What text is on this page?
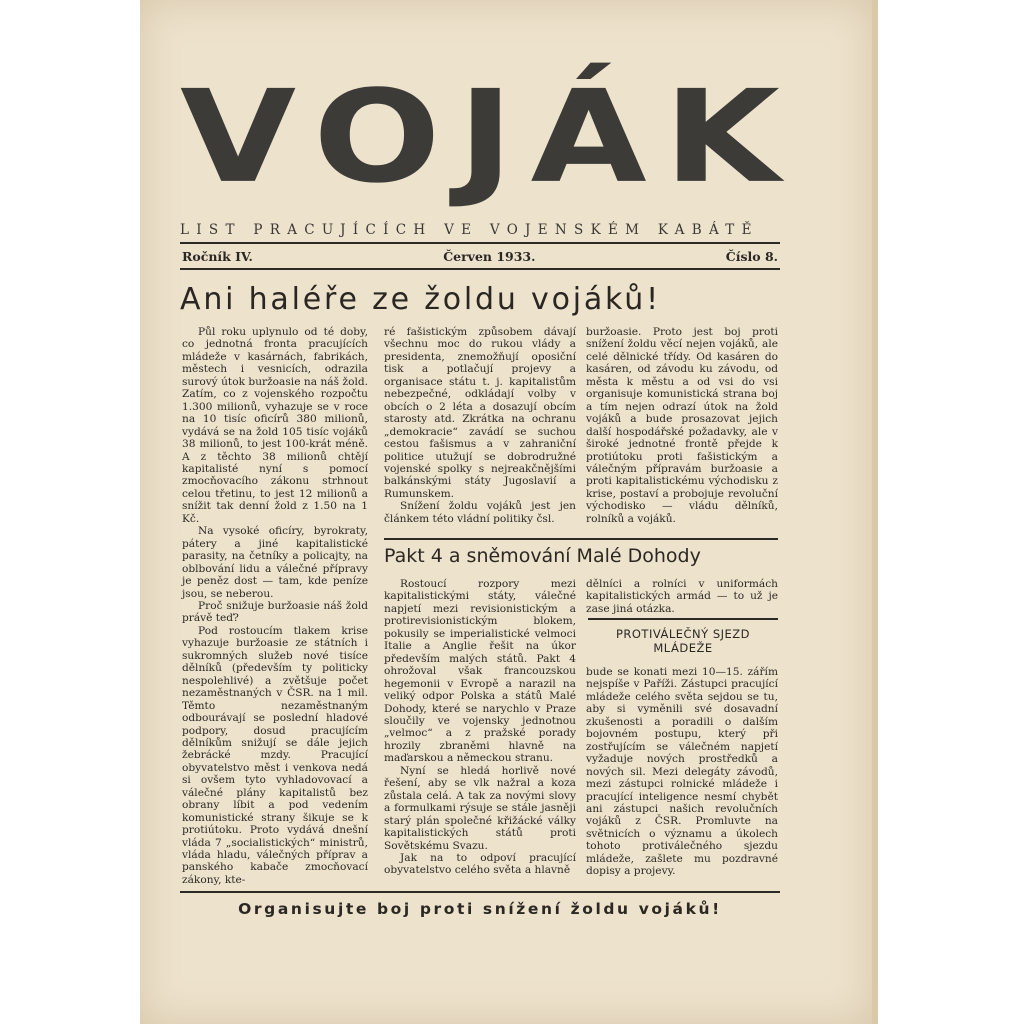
V O J Á K
LIST PRACUJÍCÍCH VE VOJENSKÉM KABÁTĚ
Ročník IV.	Červen 1933.	Číslo 8.
Ani haléře ze žoldu vojáků!

Půl roku uplynulo od té doby, co jednotná fronta pracujících mládeže v kasárnách, fabrikách, městech i vesnicích, odrazila surový útok buržoasie na náš žold. Zatím, co z vojenského rozpočtu 1.300 milionů, vyhazuje se v roce na 10 tisíc oficírů 380 milionů, vydává se na žold 105 tisíc vojáků 38 milionů, to jest 100-krát méně. A z těchto 38 milionů chtějí kapitalisté nyní s pomocí zmocňovacího zákonu strhnout celou třetinu, to jest 12 milionů a snížit tak denní žold z 1.50 na 1 Kč.

Na vysoké oficíry, byrokraty, pátery a jiné kapitalistické parasity, na četníky a policajty, na oblbování lidu a válečné přípravy je peněz dost — tam, kde peníze jsou, se neberou.

Proč snižuje buržoasie náš žold právě teď?

Pod rostoucím tlakem krise vyhazuje buržoasie ze státních i sukromných služeb nové tisíce dělníků (především ty politicky nespolehlivé) a zvětšuje počet nezaměstnaných v ČSR. na 1 mil. Těmto nezaměstnaným odbourávají se poslední hladové podpory, dosud pracujícím dělníkům snižují se dále jejich žebrácké mzdy. Pracující obyvatelstvo měst i venkova nedá si ovšem tyto vyhladovovací a válečné plány kapitalistů bez obrany líbit a pod vedením komunistické strany šikuje se k protiútoku. Proto vydává dnešní vláda 7 „socialistických“ ministrů, vláda hladu, válečných příprav a panského kabače zmocňovací zákony, kte-

ré fašistickým způsobem dávají všechnu moc do rukou vlády a presidenta, znemožňují oposiční tisk a potlačují projevy a organisace státu t. j. kapitalistům nebezpečné, odkládají volby v obcích o 2 léta a dosazují obcím starosty atd. Zkrátka na ochranu „demokracie“ zavádí se suchou cestou fašismus a v zahraniční politice utužují se dobrodružné vojenské spolky s nejreakčnějšími balkánskými státy Jugoslavií a Rumunskem.

Snížení žoldu vojáků jest jen článkem této vládní politiky čsl.

buržoasie. Proto jest boj proti snížení žoldu věcí nejen vojáků, ale celé dělnické třídy. Od kasáren do kasáren, od závodu ku závodu, od města k městu a od vsi do vsi organisuje komunistická strana boj a tím nejen odrazí útok na žold vojáků a bude prosazovat jejich další hospodářské požadavky, ale v široké jednotné frontě přejde k protiútoku proti fašistickým a válečným přípravám buržoasie a proti kapitalistickému východisku z krise, postaví a probojuje revoluční východisko — vládu dělníků, rolníků a vojáků.

Pakt 4 a sněmování Malé Dohody

Rostoucí rozpory mezi kapitalistickými státy, válečné napjetí mezi revisionistickým a protirevisionistickým blokem, pokusily se imperialistické velmoci Italie a Anglie řešit na úkor především malých států. Pakt 4 ohrožoval však francouzskou hegemonii v Evropě a narazil na veliký odpor Polska a států Malé Dohody, které se narychlo v Praze sloučily ve vojensky jednotnou „velmoc“ a z pražské porady hrozily zbraněmi hlavně na maďarskou a německou stranu.

Nyní se hledá horlivě nové řešení, aby se vlk nažral a koza zůstala celá. A tak za novými slovy a formulkami rýsuje se stále jasněji starý plán společné křižácké války kapitalistických států proti Sovětskému Svazu.

Jak na to odpoví pracující obyvatelstvo celého světa a hlavně

dělníci a rolníci v uniformách kapitalistických armád — to už je zase jiná otázka.

PROTIVÁLEČNÝ SJEZD
MLÁDEŽE

bude se konati mezi 10—15. zářím nejspíše v Paříži. Zástupci pracující mládeže celého světa sejdou se tu, aby si vyměnili své dosavadní zkušenosti a poradili o dalším bojovném postupu, který při zostřujícím se válečném napjetí vyžaduje nových prostředků a nových sil. Mezi delegáty závodů, mezi zástupci rolnické mládeže i pracující inteligence nesmí chybět ani zástupci našich revolučních vojáků z ČSR. Promluvte na světnicích o významu a úkolech tohoto protiválečného sjezdu mládeže, zašlete mu pozdravné dopisy a projevy.

Organisujte boj proti snížení žoldu vojáků!
